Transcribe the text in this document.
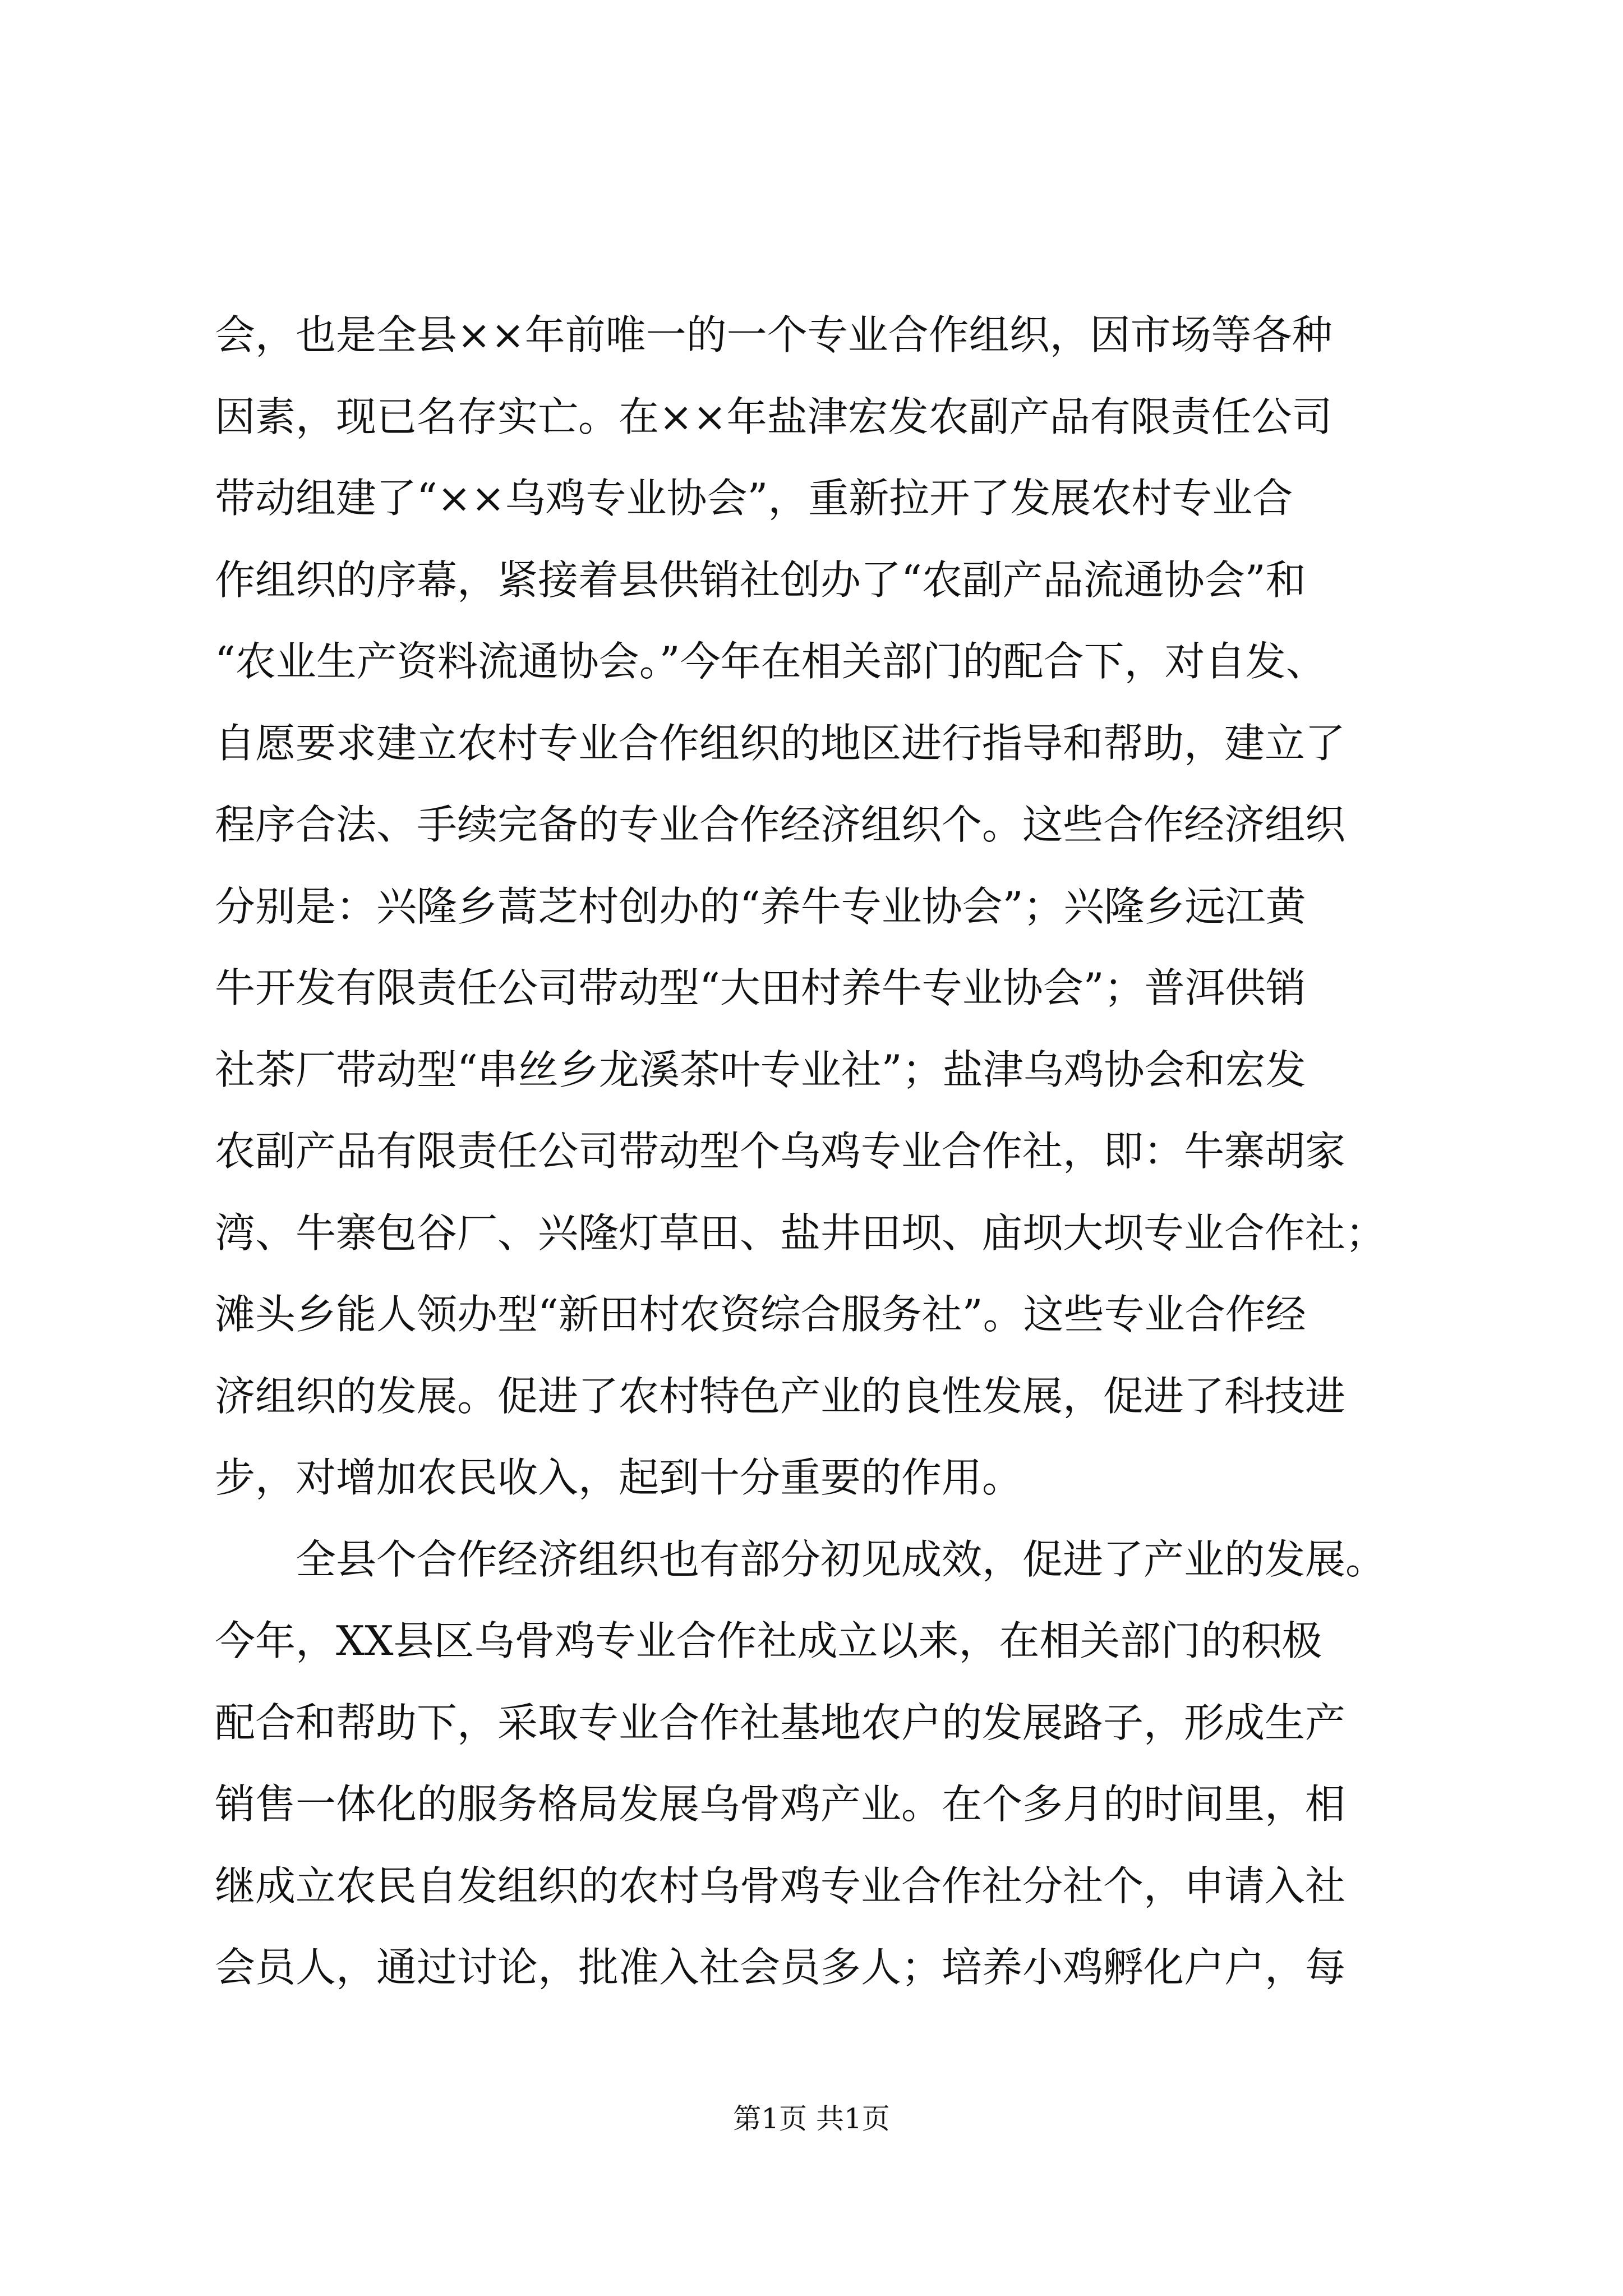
会，也是全县××年前唯一的一个专业合作组织，因市场等各种
因素，现已名存实亡。在××年盐津宏发农副产品有限责任公司
带动组建了“××乌鸡专业协会”，重新拉开了发展农村专业合
作组织的序幕，紧接着县供销社创办了“农副产品流通协会”和
“农业生产资料流通协会。”今年在相关部门的配合下，对自发、
自愿要求建立农村专业合作组织的地区进行指导和帮助，建立了
程序合法、手续完备的专业合作经济组织个。这些合作经济组织
分别是：兴隆乡蒿芝村创办的“养牛专业协会”；兴隆乡远江黄
牛开发有限责任公司带动型“大田村养牛专业协会”；普洱供销
社茶厂带动型“串丝乡龙溪茶叶专业社”；盐津乌鸡协会和宏发
农副产品有限责任公司带动型个乌鸡专业合作社，即：牛寨胡家
湾、牛寨包谷厂、兴隆灯草田、盐井田坝、庙坝大坝专业合作社；
滩头乡能人领办型“新田村农资综合服务社”。这些专业合作经
济组织的发展。促进了农村特色产业的良性发展，促进了科技进
步，对增加农民收入，起到十分重要的作用。
　　全县个合作经济组织也有部分初见成效，促进了产业的发展。
今年，XX县区乌骨鸡专业合作社成立以来，在相关部门的积极
配合和帮助下，采取专业合作社基地农户的发展路子，形成生产
销售一体化的服务格局发展乌骨鸡产业。在个多月的时间里，相
继成立农民自发组织的农村乌骨鸡专业合作社分社个，申请入社
会员人，通过讨论，批准入社会员多人；培养小鸡孵化户户，每
第1页 共1页
